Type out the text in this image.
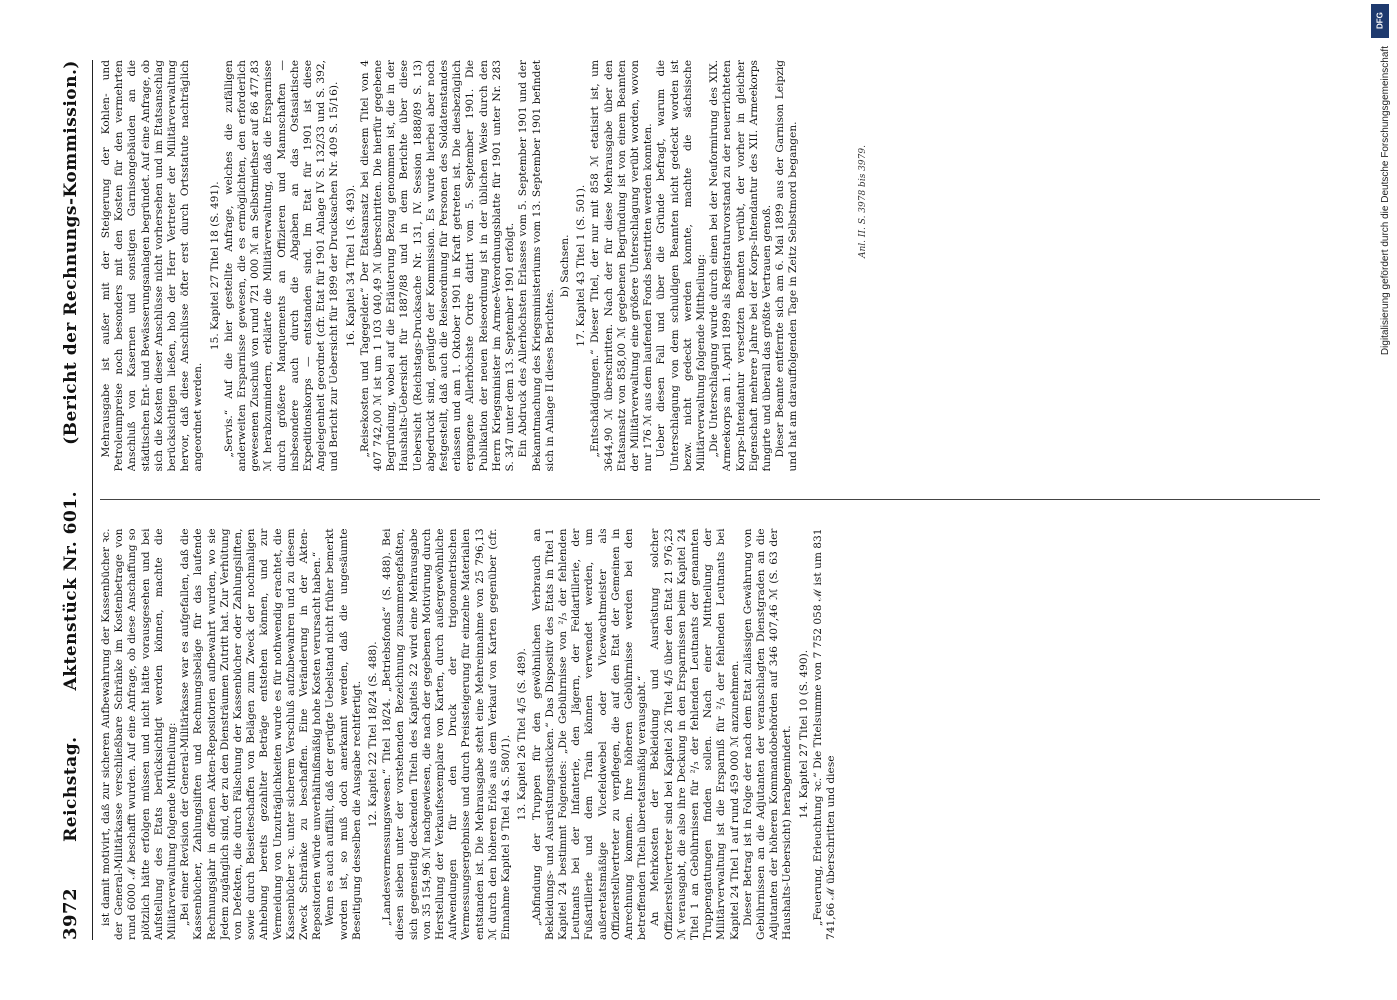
3972
Reichstag.
Aktenstück Nr. 601.
(Bericht der Rechnungs-Kommission.)

ist damit motivirt, daß zur sicheren Aufbewahrung der Kassenbücher ꝛc. der General-Militärkasse verschließbare Schränke im Kostenbetrage von rund 6000 ℳ beschafft wurden. Auf eine Anfrage, ob diese Anschaffung so plötzlich hätte erfolgen müssen und nicht hätte vorausgesehen und bei Aufstellung des Etats berücksichtigt werden können, machte die Militärverwaltung folgende Mittheilung: „Bei einer Revision der General-Militärkasse war es aufgefallen, daß die Kassenbücher, Zahlungsliften und Rechnungsbeläge für das laufende Rechnungsjahr in offenen Akten-Repositorien aufbewahrt wurden, wo sie Jedem zugänglich sind, der zu den Diensträumen Zutritt hat. Zur Verhütung von Defekten, die durch Fälschung der Kassenbücher oder Zahlungsliften, sowie durch Beiseiteschaffen von Belägen zum Zweck der nochmaligen Anhebung bereits gezahlter Beträge entstehen können, und zur Vermeidung von Unzuträglichkeiten wurde es für nothwendig erachtet, die Kassenbücher ꝛc. unter sicherem Verschluß aufzubewahren und zu diesem Zweck Schränke zu beschaffen. Eine Veränderung in der Akten-Repositorien würde unverhältnißmäßig hohe Kosten verursacht haben.“ Wenn es auch auffällt, daß der gerügte Uebelstand nicht früher bemerkt worden ist, so muß doch anerkannt werden, daß die ungesäumte Beseitigung desselben die Ausgabe rechtfertigt. 12. Kapitel 22 Titel 18/24 (S. 488). „Landesvermessungswesen.“ Titel 18/24. „Betriebsfonds“ (S. 488). Bei diesen sieben unter der vorstehenden Bezeichnung zusammengefaßten, sich gegenseitig deckenden Titeln des Kapitels 22 wird eine Mehrausgabe von 35 154,96 ℳ nachgewiesen, die nach der gegebenen Motivirung durch Herstellung der Verkaufsexemplare von Karten, durch außergewöhnliche Aufwendungen für den Druck der trigonometrischen Vermessungsergebnisse und durch Preissteigerung für einzelne Materialien entstanden ist. Die Mehrausgabe steht eine Mehreinnahme von 25 796,13 ℳ durch den höheren Erlös aus dem Verkauf von Karten gegenüber (cfr. Einnahme Kapitel 9 Titel 4a S. 580/1).

13. Kapitel 26 Titel 4/5 (S. 489). „Abfindung der Truppen für den gewöhnlichen Verbrauch an Bekleidungs- und Ausrüstungsstücken.“ Das Dispositiv des Etats in Titel 1 Kapitel 24 bestimmt Folgendes: „Die Gebührnisse von ²/₃ der fehlenden Leutnants bei der Infanterie, den Jägern, der Feldartillerie, der Fußartillerie und dem Train können verwendet werden, um außeretatsmäßige Vicefeldwebel oder Vicewachtmeister als Offizierstellvertreter zu verpflegen, die auf den Etat der Gemeinen in Anrechnung kommen. Ihre höheren Gebührnisse werden bei den betreffenden Titeln überetatsmäßig verausgabt.“ An Mehrkosten der Bekleidung und Ausrüstung solcher Offizierstellvertreter sind bei Kapitel 26 Titel 4/5 über den Etat 21 976,23 ℳ verausgabt, die also ihre Deckung in den Ersparnissen beim Kapitel 24 Titel 1 an Gebührnissen für ²/₃ der fehlenden Leutnants der genannten Truppengattungen finden sollen. Nach einer Mittheilung der Militärverwaltung ist die Ersparniß für ²/₃ der fehlenden Leutnants bei Kapitel 24 Titel 1 auf rund 459 000 ℳ anzunehmen. Dieser Betrag ist in Folge der nach dem Etat zulässigen Gewährung von Gebührnissen an die Adjutanten der veranschlagten Dienstgraden an die Adjutanten der höheren Kommandobehörden auf 346 407,46 ℳ (S. 63 der Haushalts-Uebersicht) herabgemindert. 14. Kapitel 27 Titel 10 (S. 490). „Feuerung, Erleuchtung ꝛc.“ Die Titelsumme von 7 752 058 ℳ ist um 831 741,66 ℳ überschritten und diese

Mehrausgabe ist außer mit der Steigerung der Kohlen- und Petroleumpreise noch besonders mit den Kosten für den vermehrten Anschluß von Kasernen und sonstigen Garnisongebäuden an die städtischen Ent- und Bewässerungsanlagen begründet. Auf eine Anfrage, ob sich die Kosten dieser Anschlüsse nicht vorhersehen und im Etatsanschlag berücksichtigen ließen, hob der Herr Vertreter der Militärverwaltung hervor, daß diese Anschlüsse öfter erst durch Ortsstatute nachträglich angeordnet werden.

15. Kapitel 27 Titel 18 (S. 491). „Servis.“ Auf die hier gestellte Anfrage, welches die zufälligen anderweiten Ersparnisse gewesen, die es ermöglichten, den erforderlich gewesenen Zuschuß von rund 721 000 ℳ an Selbstmiethser auf 86 477,83 ℳ herabzumindern, erklärte die Militärverwaltung, daß die Ersparnisse durch größere Manquements an Offizieren und Mannschaften — insbesondere auch durch die Abgaben an das Ostasiatische Expeditionskorps — entstanden sind. Im Etat für 1901 ist diese Angelegenheit geordnet (cfr. Etat für 1901 Anlage IV S. 132/33 und S. 392, und Bericht zur Uebersicht für 1899 der Drucksachen Nr. 409 S. 15/16). 16. Kapitel 34 Titel 1 (S. 493). „Reisekosten und Tagegelder.“ Der Etatsansatz bei diesem Titel von 4 407 742,00 ℳ ist um 1 103 040,49 ℳ überschritten. Die hierfür gegebene Begründung, wobei auf die Erläuterung Bezug genommen ist, die in der Haushalts-Uebersicht für 1887/88 und in dem Berichte über diese Uebersicht (Reichstags-Drucksache Nr. 131, IV. Session 1888/89 S. 13) abgedruckt sind, genügte der Kommission. Es wurde hierbei aber noch festgestellt, daß auch die Reiseordnung für Personen des Soldatenstandes erlassen und am 1. Oktober 1901 in Kraft getreten ist. Die diesbezüglich ergangene Allerhöchste Ordre datirt vom 5. September 1901. Die Publikation der neuen Reiseordnung ist in der üblichen Weise durch den Herrn Kriegsminister im Armee-Verordnungsblatte für 1901 unter Nr. 283 S. 347 unter dem 13. September 1901 erfolgt. Ein Abdruck des Allerhöchsten Erlasses vom 5. September 1901 und der Bekanntmachung des Kriegsministeriums vom 13. September 1901 befindet sich in Anlage II dieses Berichtes.

b) Sachsen. 17. Kapitel 43 Titel 1 (S. 501). „Entschädigungen.“ Dieser Titel, der nur mit 858 ℳ etatisirt ist, um 3644,90 ℳ überschritten. Nach der für diese Mehrausgabe über den Etatsansatz von 858,00 ℳ gegebenen Begründung ist von einem Beamten der Militärverwaltung eine größere Unterschlagung verübt worden, wovon nur 176 ℳ aus dem laufenden Fonds bestritten werden konnten. Ueber diesen Fall und über die Gründe befragt, warum die Unterschlagung von dem schuldigen Beamten nicht gedeckt worden ist bezw. nicht gedeckt werden konnte, machte die sächsische Militärverwaltung folgende Mittheilung: „Die Unterschlagung wurde durch einen bei der Neuformirung des XIX. Armeekorps am 1. April 1899 als Registraturvorstand zu der neuerrichteten Korps-Intendantur versetzten Beamten verübt, der vorher in gleicher Eigenschaft mehrere Jahre bei der Korps-Intendantur des XII. Armeekorps fungirte und überall das größte Vertrauen genoß. Dieser Beamte entfernte sich am 6. Mai 1899 aus der Garnison Leipzig und hat am darauffolgenden Tage in Zeitz Selbstmord begangen.	Anl. II. S. 3978 bis 3979.
DFG
Digitalisierung gefördert durch die Deutsche Forschungsgemeinschaft
